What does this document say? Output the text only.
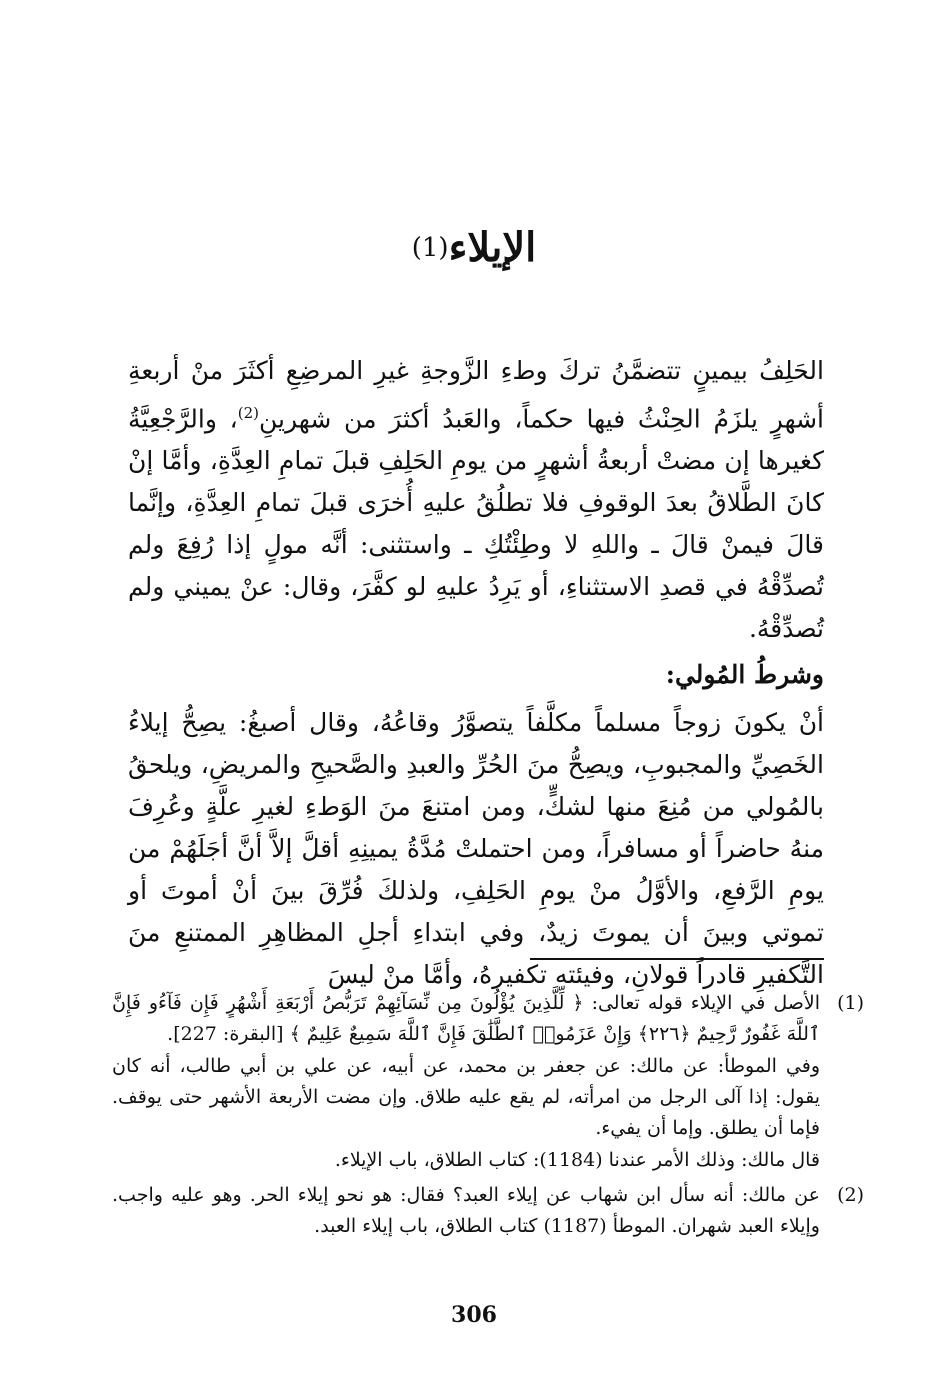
الإيلاء$^{(1)}$

الحَلِفُ بيمينٍ تتضمَّنُ تركَ وطءِ الزَّوجةِ غيرِ المرضِعِ أكثَرَ منْ أربعةِ أشهرٍ يلزَمُ الحِنْثُ فيها حكماً، والعَبدُ أكثرَ من شهرينِ$^{(2)}$، والرَّجْعِيَّةُ كغيرها إن مضتْ أربعةُ أشهرٍ من يومِ الحَلِفِ قبلَ تمامِ العِدَّةِ، وأمَّا إنْ كانَ الطَّلاقُ بعدَ الوقوفِ فلا تطلُقُ عليهِ أُخرَى قبلَ تمامِ العِدَّةِ، وإنَّما قالَ فيمنْ قالَ ـ واللهِ لا وطِئْتُكِ ـ واستثنى: أنَّه مولٍ إذا رُفِعَ ولم تُصدِّقْهُ في قصدِ الاستثناءِ، أو يَرِدُ عليهِ لو كفَّرَ، وقال: عنْ يميني ولم تُصدِّقْهُ.

وشرطُ المُولي:

أنْ يكونَ زوجاً مسلماً مكلَّفاً يتصوَّرُ وقاعُهُ، وقال أصبغُ: يصِحُّ إيلاءُ الخَصِيِّ والمجبوبِ، ويصِحُّ منَ الحُرِّ والعبدِ والصَّحيحِ والمريضِ، ويلحقُ بالمُولي من مُنِعَ منها لشكٍّ، ومن امتنعَ منَ الوَطءِ لغيرِ علَّةٍ وعُرِفَ منهُ حاضراً أو مسافراً، ومن احتملتْ مُدَّةُ يمينِهِ أقلَّ إلاَّ أنَّ أجَلَهُمْ من يومِ الرَّفعِ، والأوَّلُ منْ يومِ الحَلِفِ، ولذلكَ فُرِّقَ بينَ أنْ أموتَ أو تموتي وبينَ أن يموتَ زيدٌ، وفي ابتداءِ أجلِ المظاهِرِ الممتنعِ منَ التَّكفيرِ قادراً قولانِ، وفيئته تكفيرهُ، وأمَّا منْ ليسَ

(1)

الأصل في الإيلاء قوله تعالى: ﴿ لِّلَّذِينَ يُؤْلُونَ مِن نِّسَآئِهِمْ تَرَبُّصُ أَرْبَعَةِ أَشْهُرٍ فَإِن فَآءُو فَإِنَّ ٱللَّهَ غَفُورٌ رَّحِيمٌ ﴿٢٢٦﴾ وَإِنْ عَزَمُوا۟ ٱلطَّلَٰقَ فَإِنَّ ٱللَّهَ سَمِيعٌ عَلِيمٌ ﴾ [البقرة: 227].

وفي الموطأ: عن مالك: عن جعفر بن محمد، عن أبيه، عن علي بن أبي طالب، أنه كان يقول: إذا آلى الرجل من امرأته، لم يقع عليه طلاق. وإن مضت الأربعة الأشهر حتى يوقف. فإما أن يطلق. وإما أن يفيء.

قال مالك: وذلك الأمر عندنا (1184): كتاب الطلاق، باب الإيلاء.

(2)

عن مالك: أنه سأل ابن شهاب عن إيلاء العبد؟ فقال: هو نحو إيلاء الحر. وهو عليه واجب. وإيلاء العبد شهران. الموطأ (1187) كتاب الطلاق، باب إيلاء العبد.

306
